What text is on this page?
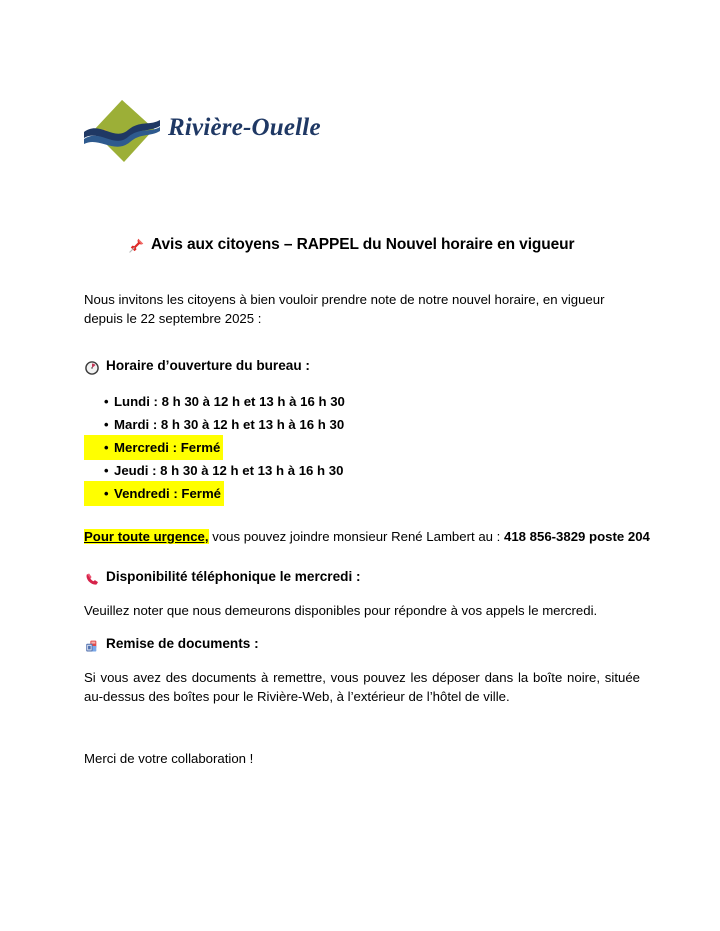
Rivière-Ouelle
Avis aux citoyens – RAPPEL du Nouvel horaire en vigueur
Nous invitons les citoyens à bien vouloir prendre note de notre nouvel horaire, en vigueur depuis le 22 septembre 2025 :
Horaire d’ouverture du bureau :
• Lundi : 8 h 30 à 12 h et 13 h à 16 h 30
• Mardi : 8 h 30 à 12 h et 13 h à 16 h 30
• Mercredi : Fermé
• Jeudi : 8 h 30 à 12 h et 13 h à 16 h 30
• Vendredi : Fermé
Pour toute urgence, vous pouvez joindre monsieur René Lambert au : 418 856-3829 poste 204
Disponibilité téléphonique le mercredi :
Veuillez noter que nous demeurons disponibles pour répondre à vos appels le mercredi.
Remise de documents :
Si vous avez des documents à remettre, vous pouvez les déposer dans la boîte noire, située au-dessus des boîtes pour le Rivière-Web, à l’extérieur de l’hôtel de ville.
Merci de votre collaboration !
